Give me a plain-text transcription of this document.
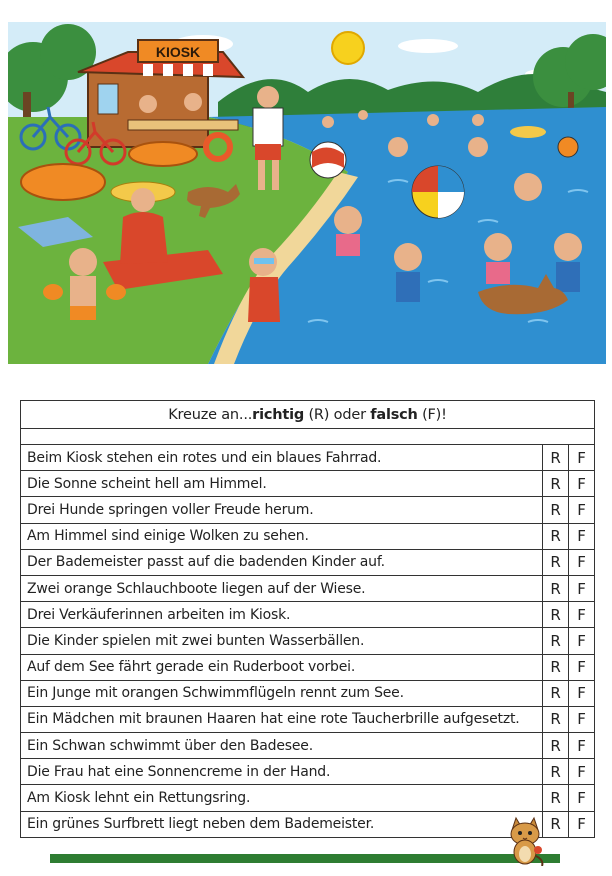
KIOSK
Kreuze an...richtig (R) oder falsch (F)!		

Beim Kiosk stehen ein rotes und ein blaues Fahrrad.	R	F
Die Sonne scheint hell am Himmel.	R	F
Drei Hunde springen voller Freude herum.	R	F
Am Himmel sind einige Wolken zu sehen.	R	F
Der Bademeister passt auf die badenden Kinder auf.	R	F
Zwei orange Schlauchboote liegen auf der Wiese.	R	F
Drei Verkäuferinnen arbeiten im Kiosk.	R	F
Die Kinder spielen mit zwei bunten Wasserbällen.	R	F
Auf dem See fährt gerade ein Ruderboot vorbei.	R	F
Ein Junge mit orangen Schwimmflügeln rennt zum See.	R	F
Ein Mädchen mit braunen Haaren hat eine rote Taucherbrille aufgesetzt.	R	F
Ein Schwan schwimmt über den Badesee.	R	F
Die Frau hat eine Sonnencreme in der Hand.	R	F
Am Kiosk lehnt ein Rettungsring.	R	F
Ein grünes Surfbrett liegt neben dem Bademeister.	R	F
